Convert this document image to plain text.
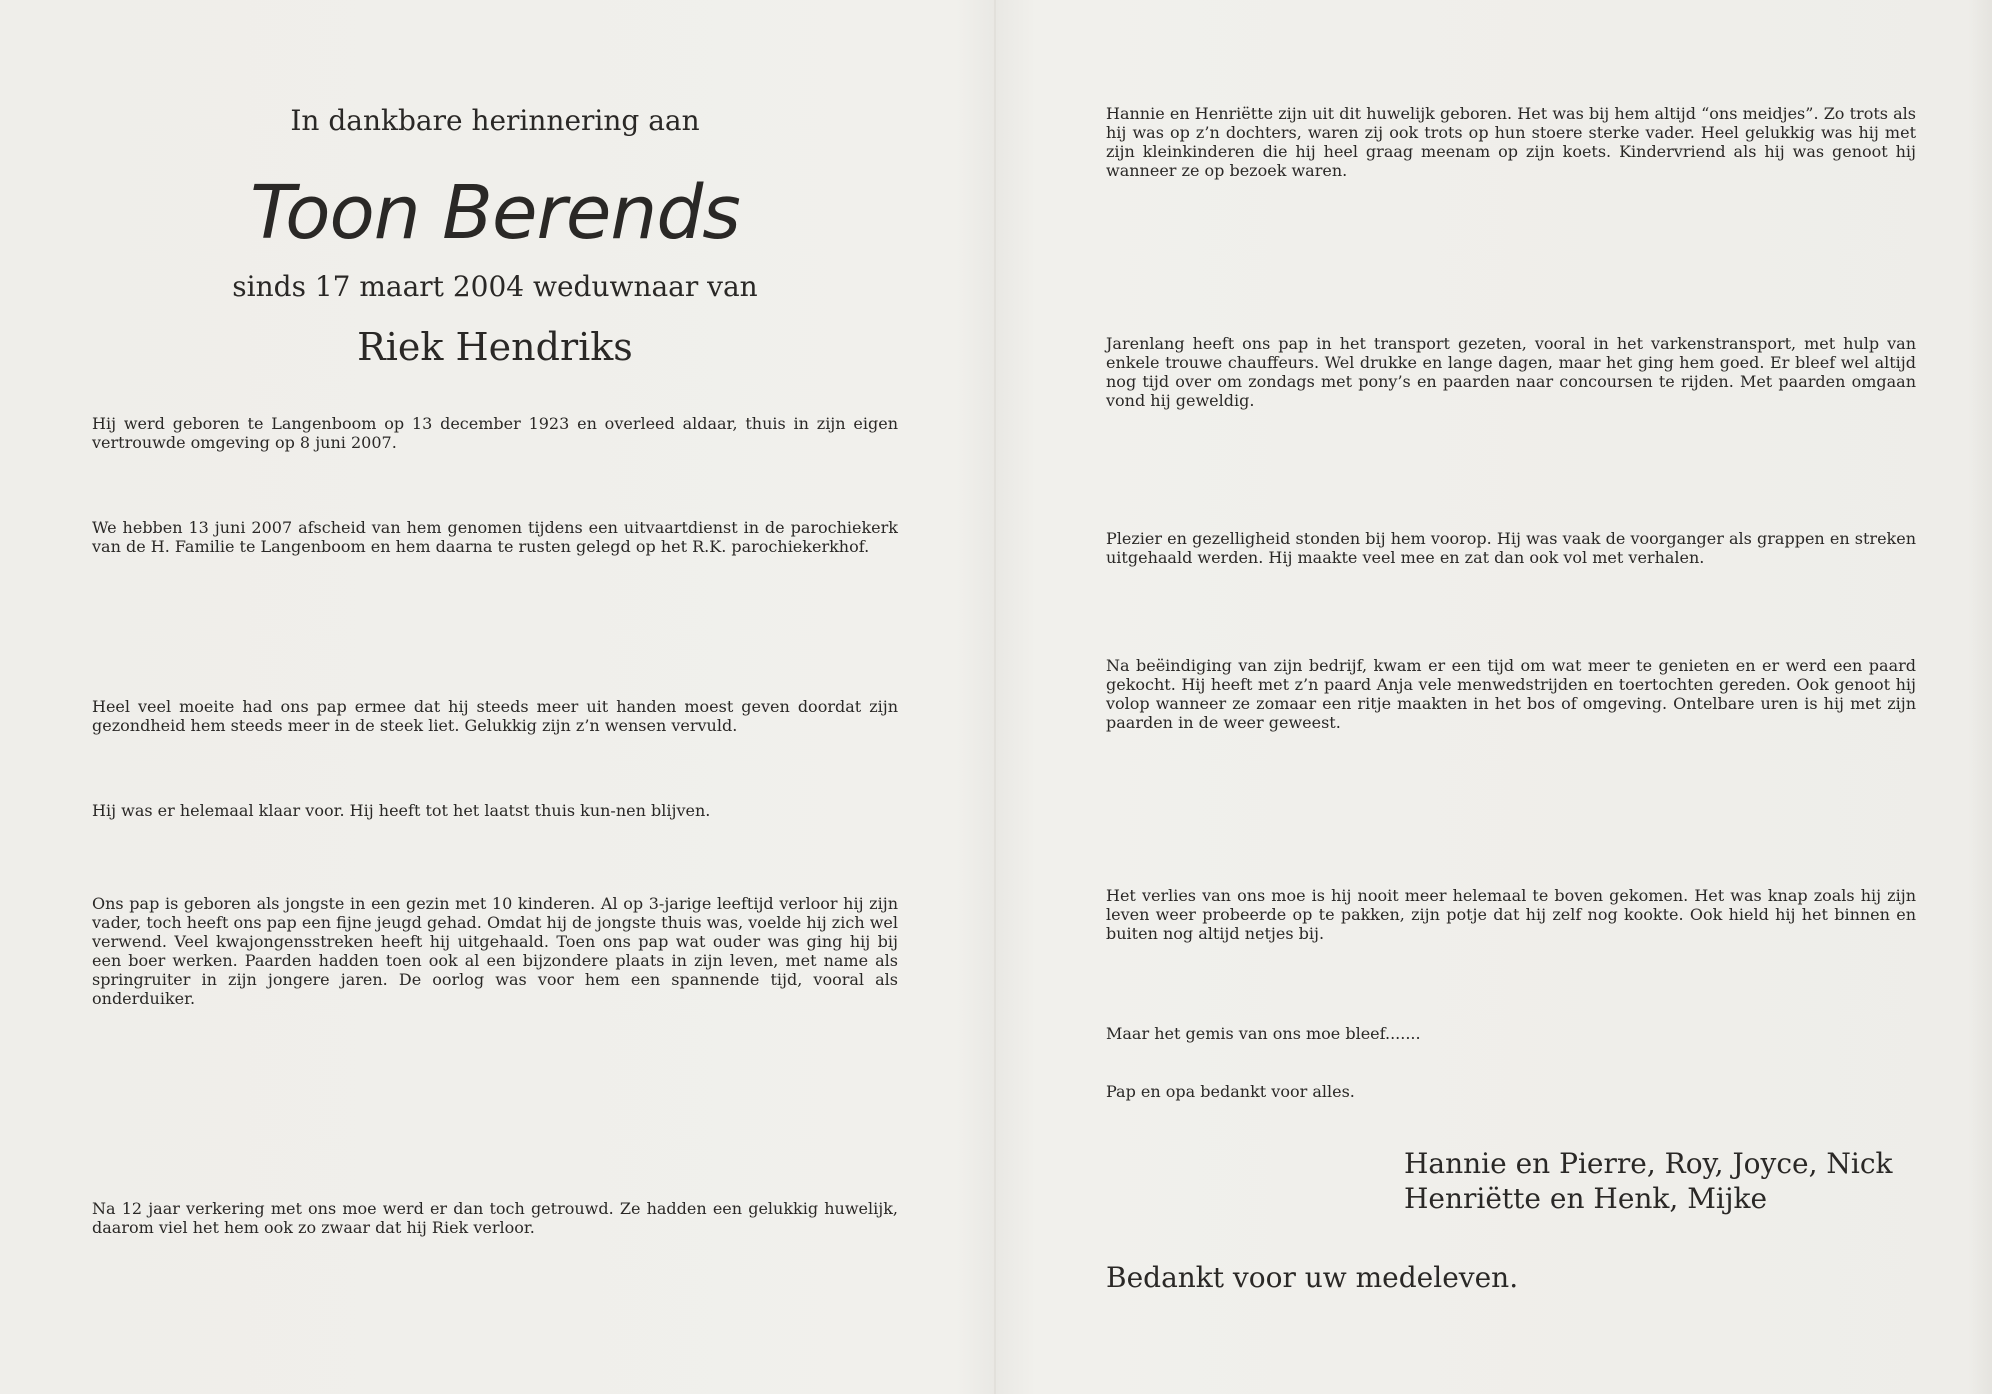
In dankbare herinnering aan
Toon Berends
sinds 17 maart 2004 weduwnaar van
Riek Hendriks

Hij werd geboren te Langenboom op 13 december 1923 en overleed aldaar, thuis in zijn eigen vertrouwde omgeving op 8 juni 2007.

We hebben 13 juni 2007 afscheid van hem genomen tijdens een uitvaartdienst in de parochiekerk van de H. Familie te Langenboom en hem daarna te rusten gelegd op het R.K. parochiekerkhof.

Heel veel moeite had ons pap ermee dat hij steeds meer uit handen moest geven doordat zijn gezondheid hem steeds meer in de steek liet. Gelukkig zijn z’n wensen vervuld.

Hij was er helemaal klaar voor. Hij heeft tot het laatst thuis kun-nen blijven.

Ons pap is geboren als jongste in een gezin met 10 kinderen. Al op 3-jarige leeftijd verloor hij zijn vader, toch heeft ons pap een fijne jeugd gehad. Omdat hij de jongste thuis was, voelde hij zich wel verwend. Veel kwajongensstreken heeft hij uitgehaald. Toen ons pap wat ouder was ging hij bij een boer werken. Paarden hadden toen ook al een bijzondere plaats in zijn leven, met name als springruiter in zijn jongere jaren. De oorlog was voor hem een spannende tijd, vooral als onderduiker.

Na 12 jaar verkering met ons moe werd er dan toch getrouwd. Ze hadden een gelukkig huwelijk, daarom viel het hem ook zo zwaar dat hij Riek verloor.

Hannie en Henriëtte zijn uit dit huwelijk geboren. Het was bij hem altijd “ons meidjes”. Zo trots als hij was op z’n dochters, waren zij ook trots op hun stoere sterke vader. Heel gelukkig was hij met zijn kleinkinderen die hij heel graag meenam op zijn koets. Kindervriend als hij was genoot hij wanneer ze op bezoek waren.

Jarenlang heeft ons pap in het transport gezeten, vooral in het varkenstransport, met hulp van enkele trouwe chauffeurs. Wel drukke en lange dagen, maar het ging hem goed. Er bleef wel altijd nog tijd over om zondags met pony’s en paarden naar concoursen te rijden. Met paarden omgaan vond hij geweldig.

Plezier en gezelligheid stonden bij hem voorop. Hij was vaak de voorganger als grappen en streken uitgehaald werden. Hij maakte veel mee en zat dan ook vol met verhalen.

Na beëindiging van zijn bedrijf, kwam er een tijd om wat meer te genieten en er werd een paard gekocht. Hij heeft met z’n paard Anja vele menwedstrijden en toertochten gereden. Ook genoot hij volop wanneer ze zomaar een ritje maakten in het bos of omgeving. Ontelbare uren is hij met zijn paarden in de weer geweest.

Het verlies van ons moe is hij nooit meer helemaal te boven gekomen. Het was knap zoals hij zijn leven weer probeerde op te pakken, zijn potje dat hij zelf nog kookte. Ook hield hij het binnen en buiten nog altijd netjes bij.

Maar het gemis van ons moe bleef.......

Pap en opa bedankt voor alles.

Hannie en Pierre, Roy, Joyce, Nick
Henriëtte en Henk, Mijke
Bedankt voor uw medeleven.
